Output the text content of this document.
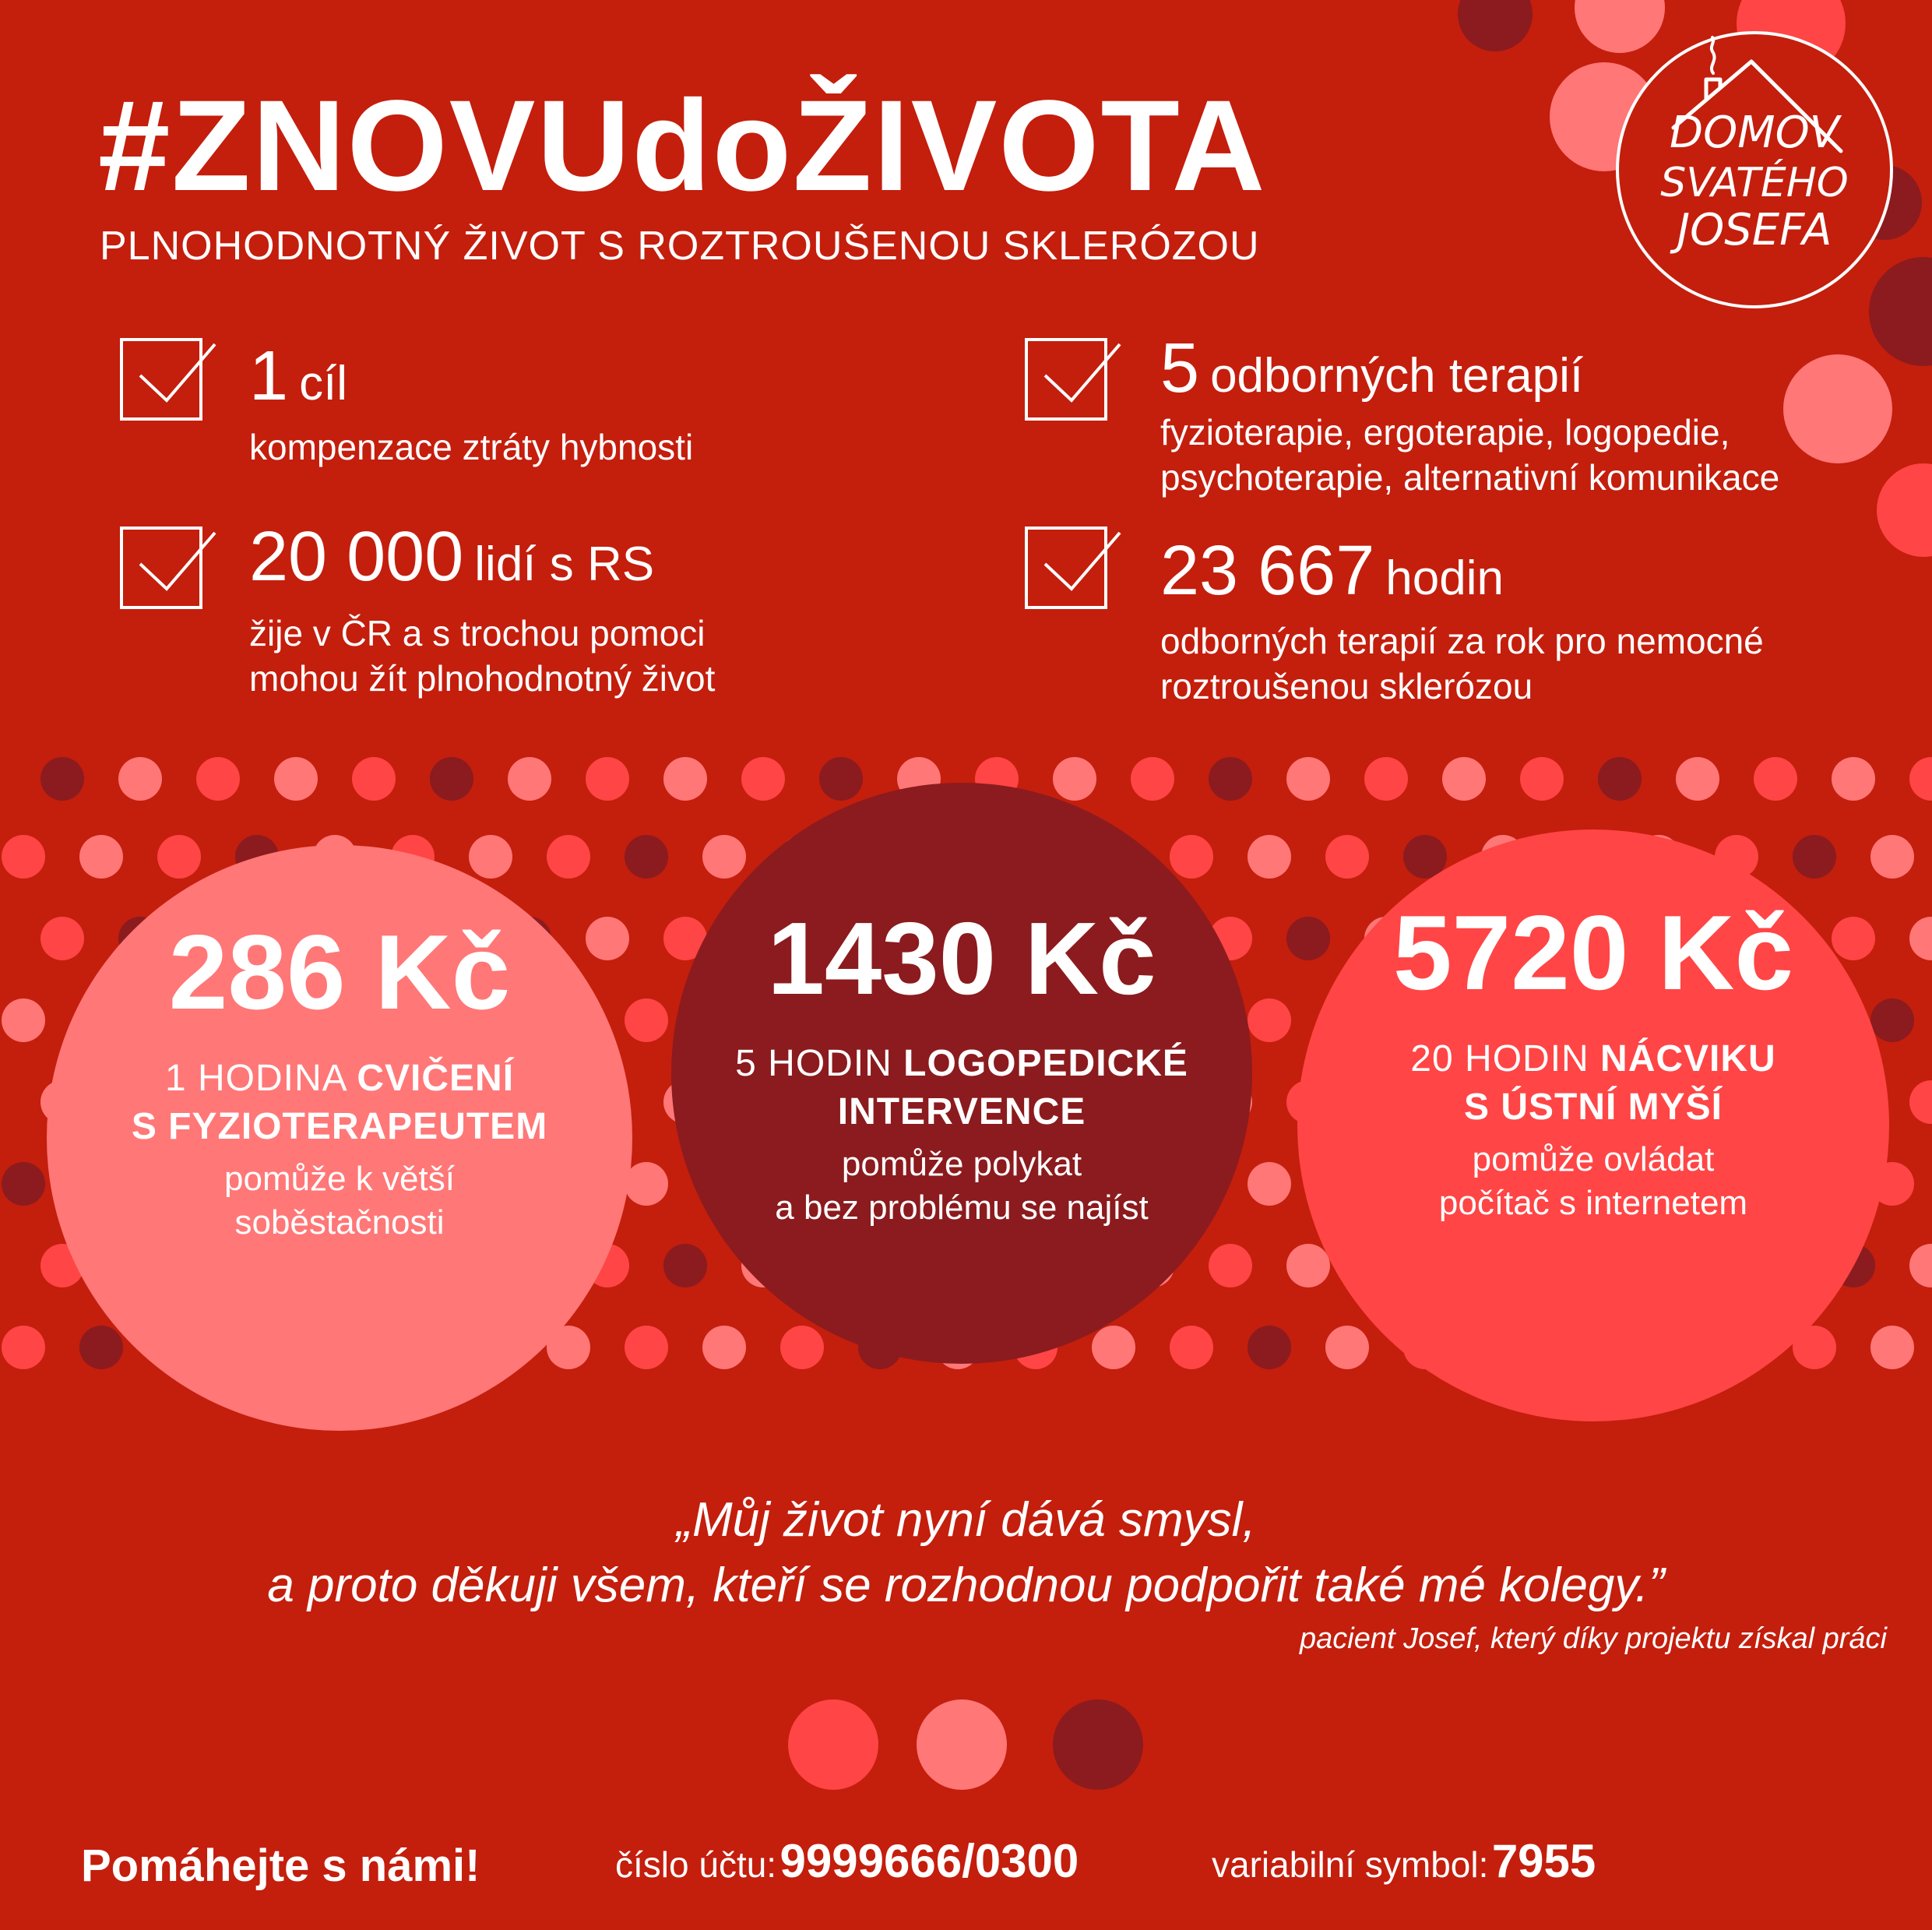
#ZNOVUdoŽIVOTA
PLNOHODNOTNÝ ŽIVOT S ROZTROUŠENOU SKLERÓZOU
DOMOV
SVATÉHO
JOSEFA
1 cíl
kompenzace ztráty hybnosti
20 000 lidí s RS
žije v ČR a s trochou pomoci
mohou žít plnohodnotný život
5 odborných terapií
fyzioterapie, ergoterapie, logopedie,
psychoterapie, alternativní komunikace
23 667 hodin
odborných terapií za rok pro nemocné
roztroušenou sklerózou
286 Kč
1 HODINA CVIČENÍ
S FYZIOTERAPEUTEM
pomůže k větší
soběstačnosti
1430 Kč
5 HODIN LOGOPEDICKÉ
INTERVENCE
pomůže polykat
a bez problému se najíst
5720 Kč
20 HODIN NÁCVIKU
S ÚSTNÍ MYŠÍ
pomůže ovládat
počítač s internetem
„Můj život nyní dává smysl,
a proto děkuji všem, kteří se rozhodnou podpořit také mé kolegy.”
pacient Josef, který díky projektu získal práci
Pomáhejte s námi!	číslo účtu: 9999666/0300	variabilní symbol: 7955
